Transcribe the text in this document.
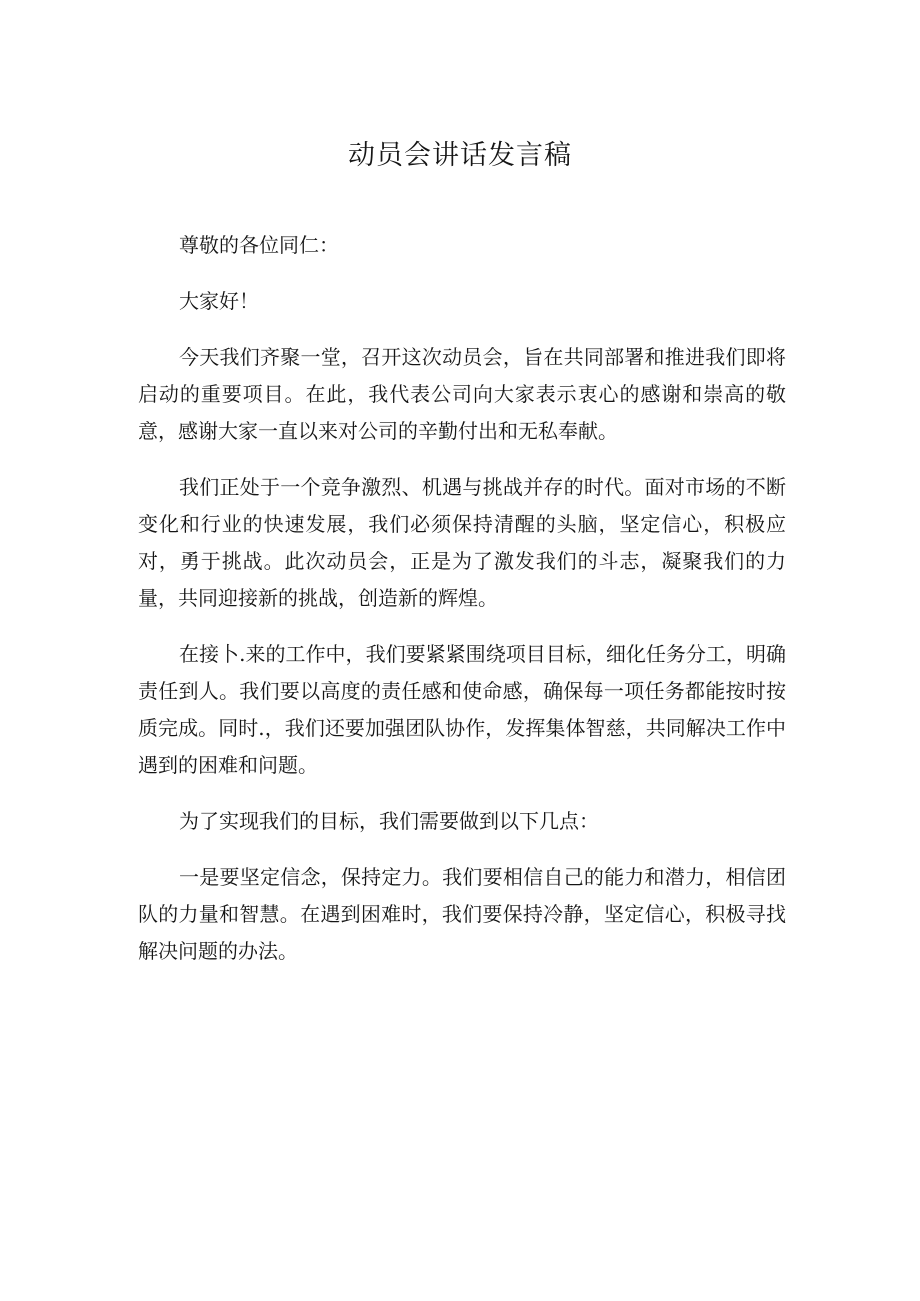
动员会讲话发言稿

尊敬的各位同仁：

大家好！

今天我们齐聚一堂，召开这次动员会，旨在共同部署和推进我们即将启动的重要项目。在此，我代表公司向大家表示衷心的感谢和崇高的敬意，感谢大家一直以来对公司的辛勤付出和无私奉献。

我们正处于一个竞争激烈、机遇与挑战并存的时代。面对市场的不断变化和行业的快速发展，我们必须保持清醒的头脑，坚定信心，积极应对，勇于挑战。此次动员会，正是为了激发我们的斗志，凝聚我们的力量，共同迎接新的挑战，创造新的辉煌。

在接卜.来的工作中，我们要紧紧围绕项目目标，细化任务分工，明确责任到人。我们要以高度的责任感和使命感，确保每一项任务都能按时按质完成。同时.，我们还要加强团队协作，发挥集体智慈，共同解决工作中遇到的困难和问题。

为了实现我们的目标，我们需要做到以下几点：

一是要坚定信念，保持定力。我们要相信自己的能力和潜力，相信团队的力量和智慧。在遇到困难时，我们要保持冷静，坚定信心，积极寻找解决问题的办法。
